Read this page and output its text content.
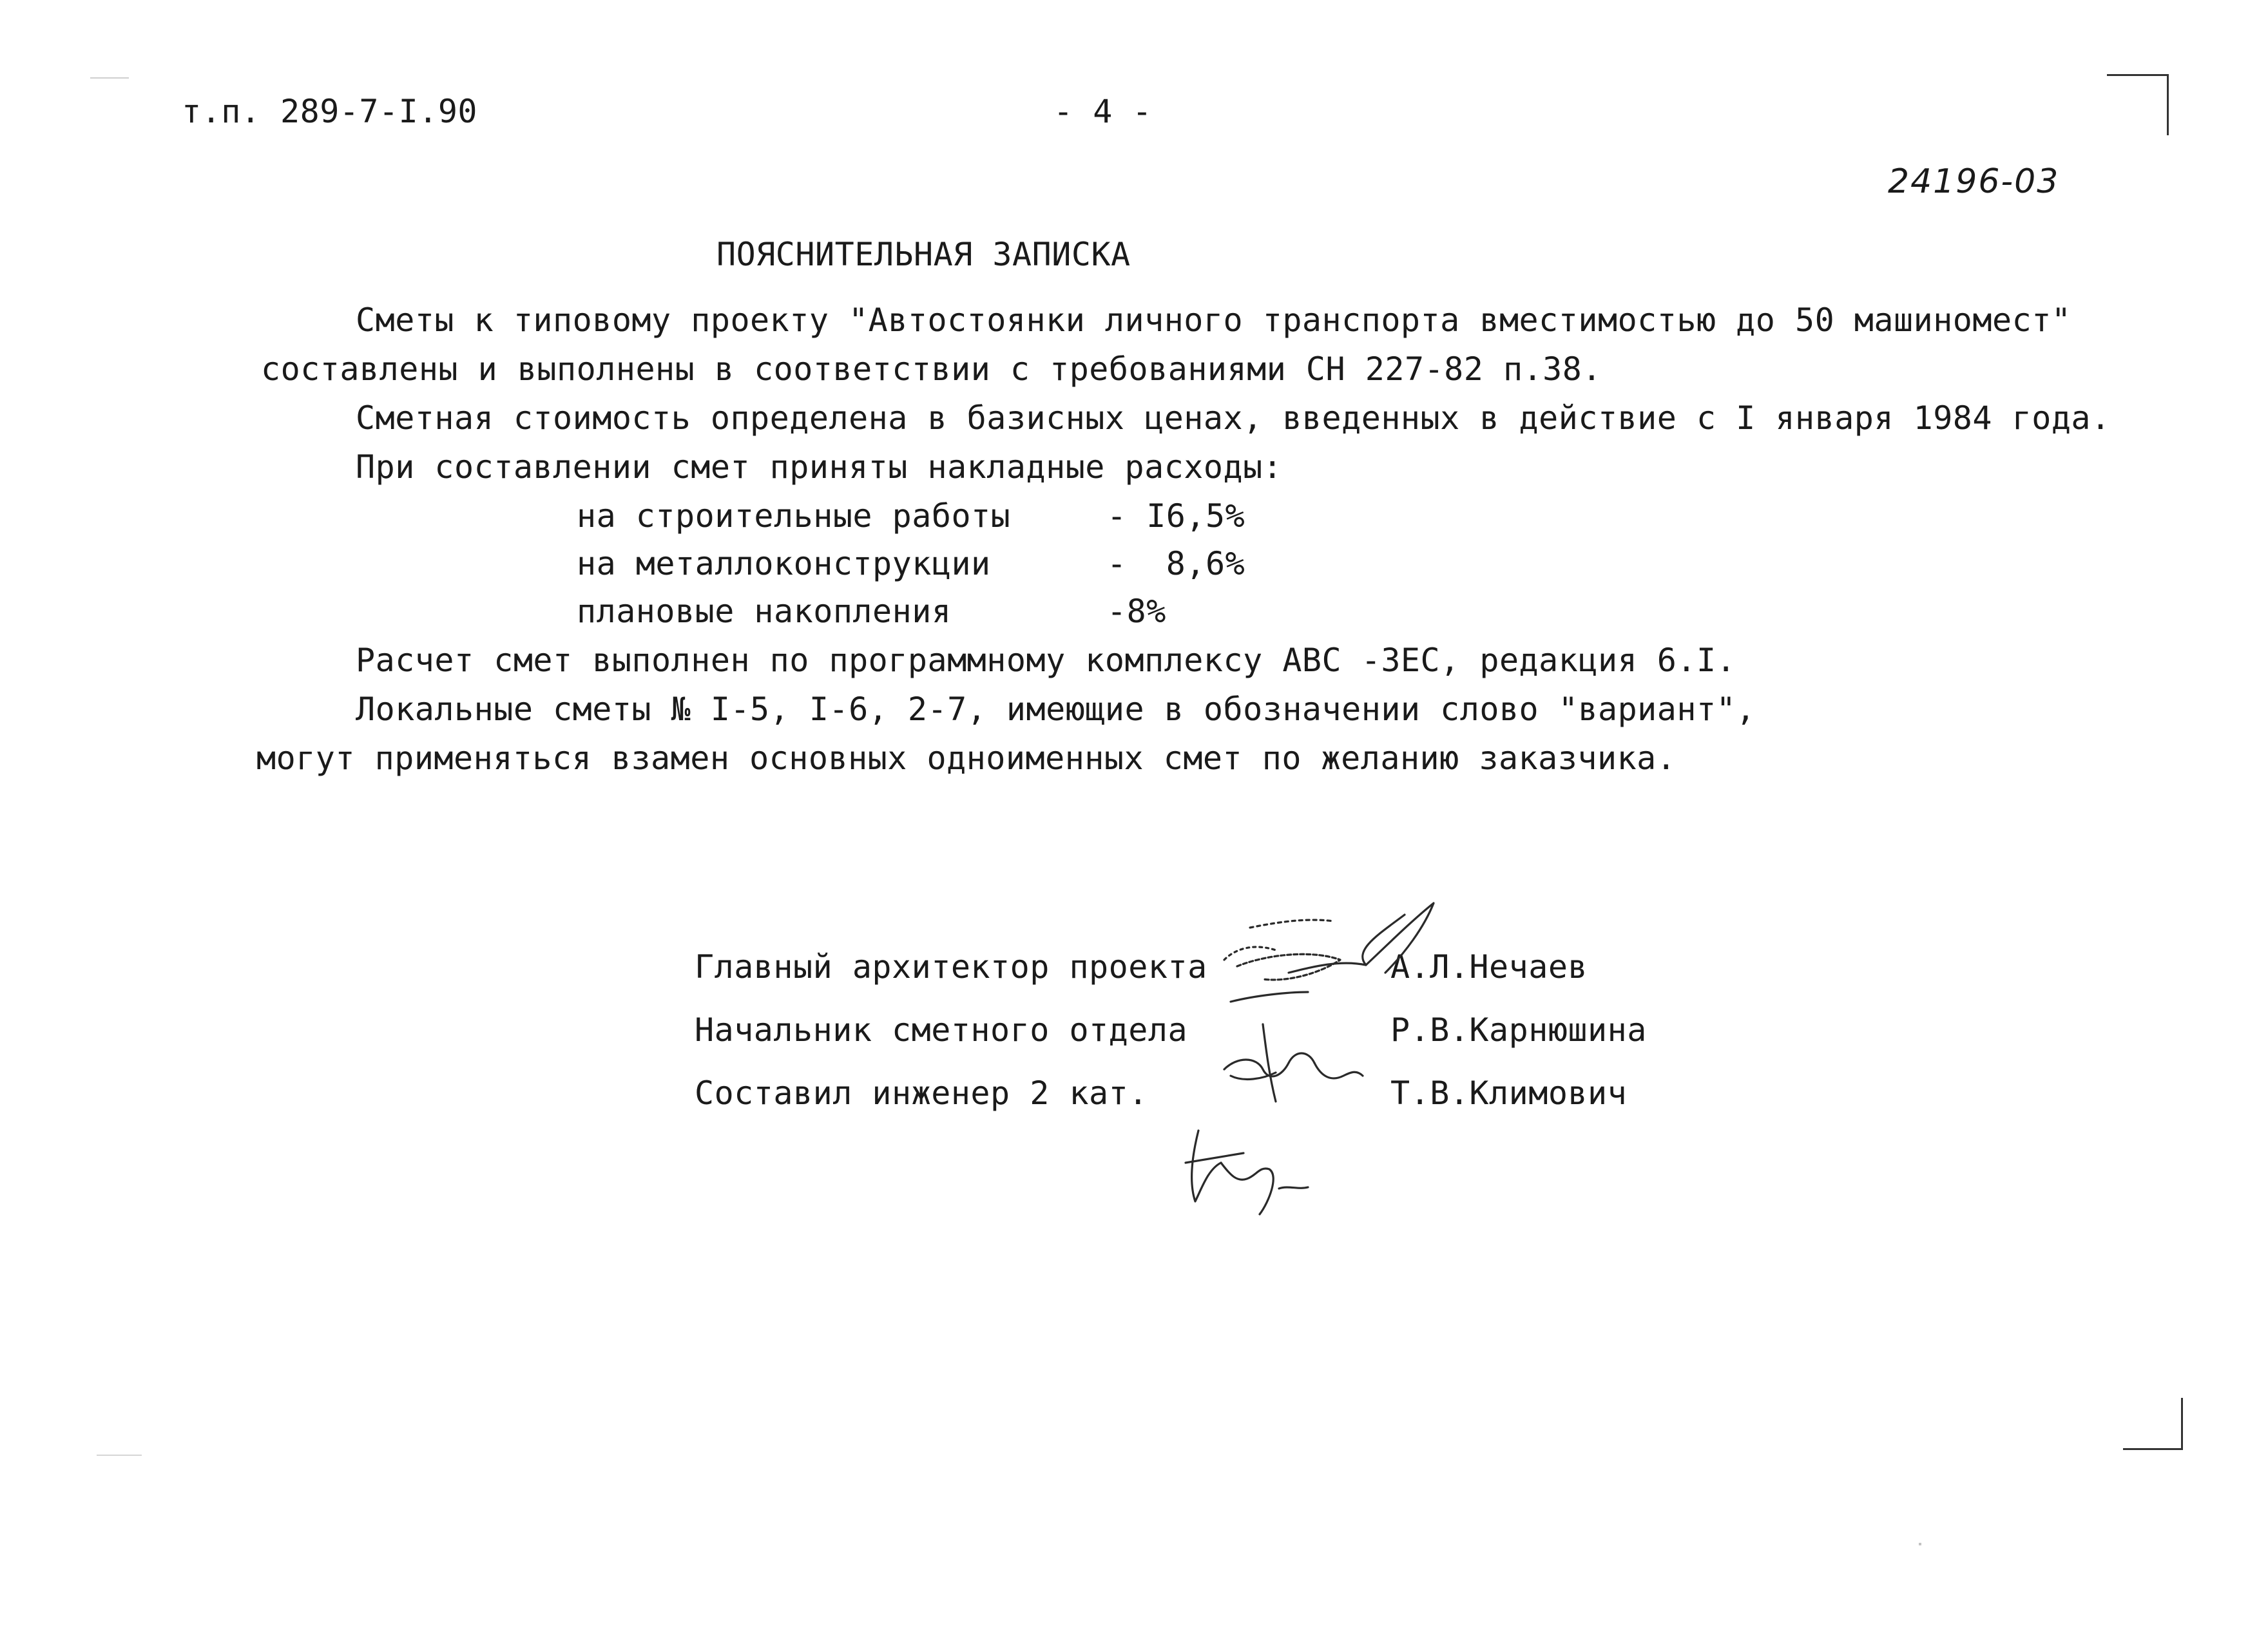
т.п. 289-7-I.90	- 4 -
24196-03
ПОЯСНИТЕЛЬНАЯ ЗАПИСКА
Сметы к типовому проекту "Автостоянки личного транспорта вместимостью до 50 машиномест"
составлены и выполнены в соответствии с требованиями СН 227-82 п.38.
Сметная стоимость определена в базисных ценах, введенных в действие с I января 1984 года.
При составлении смет приняты накладные расходы:
на строительные работы	- I6,5%
на металлоконструкции	-  8,6%
плановые накопления	-8%
Расчет смет выполнен по программному комплексу АВС -ЗЕС, редакция 6.I.
Локальные сметы № I-5, I-6, 2-7, имеющие в обозначении слово "вариант",
могут применяться взамен основных одноименных смет по желанию заказчика.
Главный архитектор проекта	А.Л.Нечаев
Начальник сметного отдела	Р.В.Карнюшина
Составил инженер 2 кат.	Т.В.Климович
